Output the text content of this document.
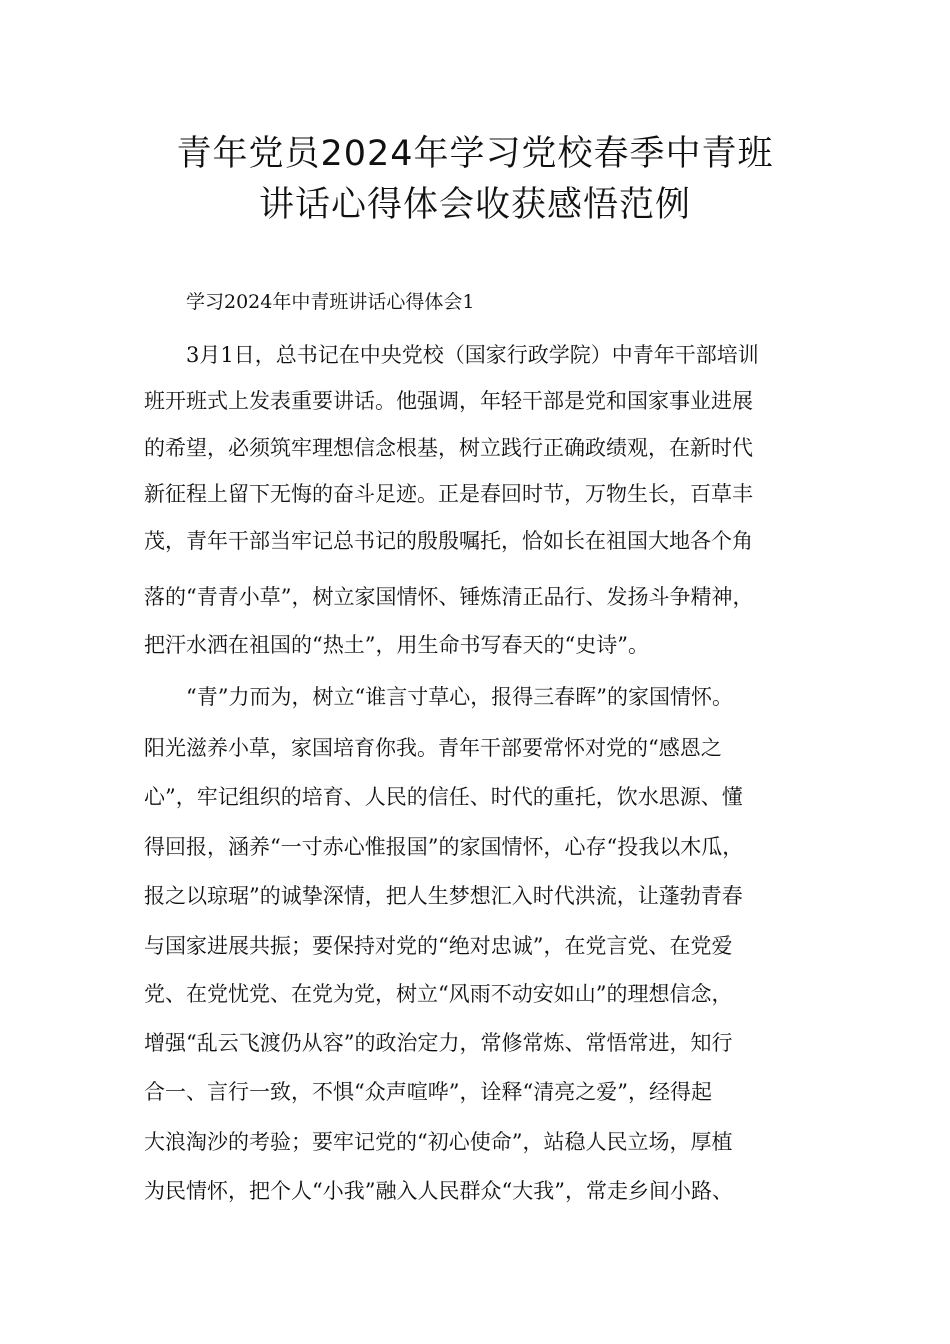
青年党员2024年学习党校春季中青班
讲话心得体会收获感悟范例

学习2024年中青班讲话心得体会1

3月1日，总书记在中央党校（国家行政学院）中青年干部培训

班开班式上发表重要讲话。他强调，年轻干部是党和国家事业进展

的希望，必须筑牢理想信念根基，树立践行正确政绩观，在新时代

新征程上留下无悔的奋斗足迹。正是春回时节，万物生长，百草丰

茂，青年干部当牢记总书记的殷殷嘱托，恰如长在祖国大地各个角

落的“青青小草”，树立家国情怀、锤炼清正品行、发扬斗争精神，

把汗水洒在祖国的“热土”，用生命书写春天的“史诗”。

“青”力而为，树立“谁言寸草心，报得三春晖”的家国情怀。

阳光滋养小草，家国培育你我。青年干部要常怀对党的“感恩之

心”，牢记组织的培育、人民的信任、时代的重托，饮水思源、懂

得回报，涵养“一寸赤心惟报国”的家国情怀，心存“投我以木瓜，

报之以琼琚”的诚挚深情，把人生梦想汇入时代洪流，让蓬勃青春

与国家进展共振；要保持对党的“绝对忠诚”，在党言党、在党爱

党、在党忧党、在党为党，树立“风雨不动安如山”的理想信念，

增强“乱云飞渡仍从容”的政治定力，常修常炼、常悟常进，知行

合一、言行一致，不惧“众声喧哗”，诠释“清亮之爱”，经得起

大浪淘沙的考验；要牢记党的“初心使命”，站稳人民立场，厚植

为民情怀，把个人“小我”融入人民群众“大我”，常走乡间小路、
